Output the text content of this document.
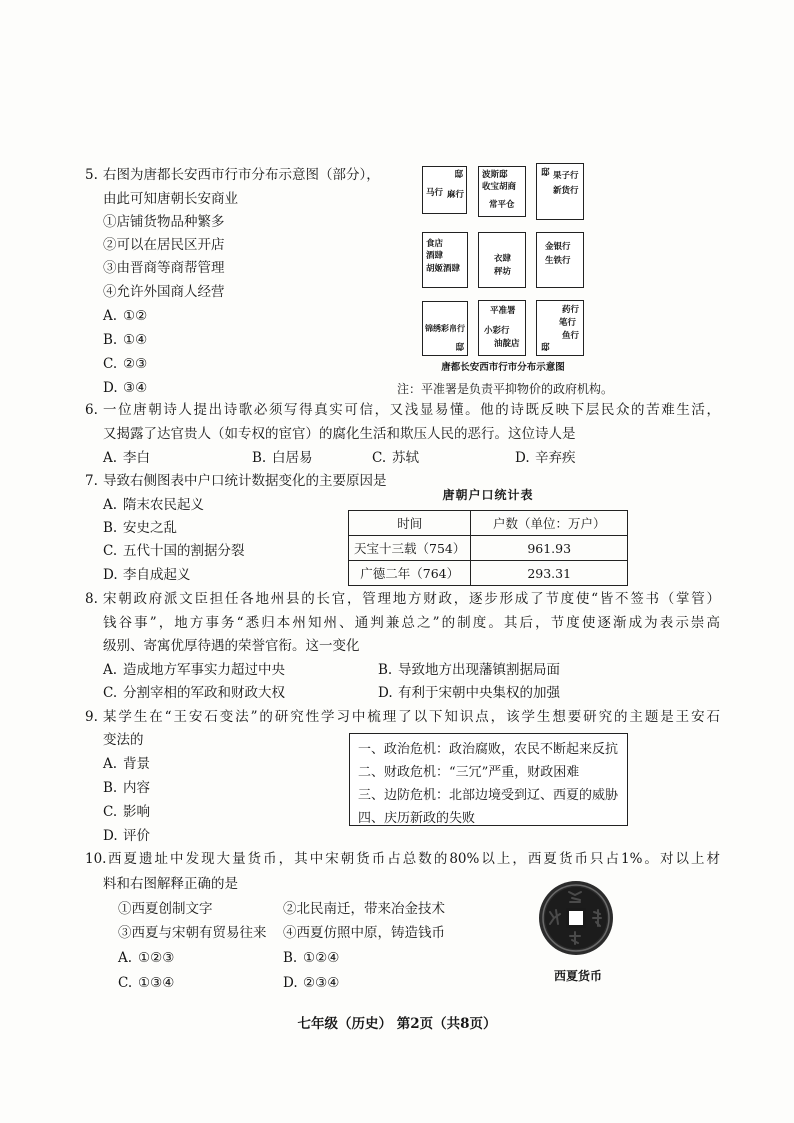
5. 右图为唐都长安西市行市分布示意图（部分），
由此可知唐朝长安商业
①店铺货物品种繁多
②可以在居民区开店
③由晋商等商帮管理
④允许外国商人经营
A. ①②
B. ①④
C. ②③
D. ③④
邸
马行 麻行
波斯邸
收宝胡商
常平仓
邸 果子行
新货行
食店
酒肆
胡姬酒肆
衣肆
秤坊
金银行
生铁行
锦绣彩帛行
邸
平准署
小彩行
油靛店
药行
笔行
鱼行
邸
唐都长安西市行市分布示意图
注：平准署是负责平抑物价的政府机构。
6. 一位唐朝诗人提出诗歌必须写得真实可信，又浅显易懂。他的诗既反映下层民众的苦难生活，
又揭露了达官贵人（如专权的宦官）的腐化生活和欺压人民的恶行。这位诗人是
A. 李白	B. 白居易	C. 苏轼	D. 辛弃疾
7. 导致右侧图表中户口统计数据变化的主要原因是
A. 隋末农民起义
B. 安史之乱
C. 五代十国的割据分裂
D. 李自成起义
唐朝户口统计表
时间	户数（单位：万户）
天宝十三载（754）	961.93
广德二年（764）	293.31
8. 宋朝政府派文臣担任各地州县的长官，管理地方财政，逐步形成了节度使“皆不签书（掌管）
钱谷事”，地方事务“悉归本州知州、通判兼总之”的制度。其后，节度使逐渐成为表示崇高
级别、寄寓优厚待遇的荣誉官衔。这一变化
A. 造成地方军事实力超过中央	B. 导致地方出现藩镇割据局面
C. 分割宰相的军政和财政大权	D. 有利于宋朝中央集权的加强
9. 某学生在“王安石变法”的研究性学习中梳理了以下知识点，该学生想要研究的主题是王安石
变法的
A. 背景
B. 内容
C. 影响
D. 评价
一、政治危机：政治腐败，农民不断起来反抗
二、财政危机：“三冗”严重，财政困难
三、边防危机：北部边境受到辽、西夏的威胁
四、庆历新政的失败
10. 西夏遗址中发现大量货币，其中宋朝货币占总数的80%以上，西夏货币只占1%。对以上材
料和右图解释正确的是
①西夏创制文字	②北民南迁，带来冶金技术
③西夏与宋朝有贸易往来 ④西夏仿照中原，铸造钱币
A. ①②③	B. ①②④
C. ①③④	D. ②③④	西夏货币
七年级（历史） 第2页（共8页）
